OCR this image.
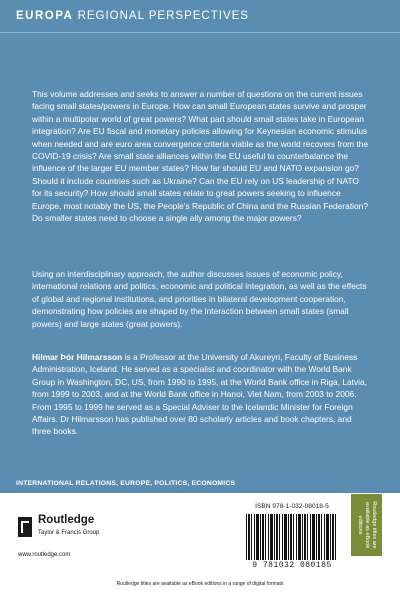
EUROPA REGIONAL PERSPECTIVES

This volume addresses and seeks to answer a number of questions on the current issues facing small states/powers in Europe. How can small European states survive and prosper within a multipolar world of great powers? What part should small states take in European integration? Are EU fiscal and monetary policies allowing for Keynesian economic stimulus when needed and are euro area convergence criteria viable as the world recovers from the COVID-19 crisis? Are small state alliances within the EU useful to counterbalance the influence of the larger EU member states? How far should EU and NATO expansion go? Should it include countries such as Ukraine? Can the EU rely on US leadership of NATO for its security? How should small states relate to great powers seeking to influence Europe, most notably the US, the People’s Republic of China and the Russian Federation? Do smaller states need to choose a single ally among the major powers?

Using an interdisciplinary approach, the author discusses issues of economic policy, international relations and politics, economic and political integration, as well as the effects of global and regional institutions, and priorities in bilateral development cooperation, demonstrating how policies are shaped by the interaction between small states (small powers) and large states (great powers).

Hilmar Þór Hilmarsson is a Professor at the University of Akureyri, Faculty of Business Administration, Iceland. He served as a specialist and coordinator with the World Bank Group in Washington, DC, US, from 1990 to 1995, at the World Bank office in Riga, Latvia, from 1999 to 2003, and at the World Bank office in Hanoi, Viet Nam, from 2003 to 2006. From 1995 to 1999 he served as a Special Adviser to the Icelandic Minister for Foreign Affairs. Dr Hilmarsson has published over 80 scholarly articles and book chapters, and three books.

INTERNATIONAL RELATIONS, EUROPE, POLITICS, ECONOMICS
Routledge
Taylor & Francis Group
www.routledge.com
ISBN 978-1-032-08018-5
9 781032 080185
Routledge titles are available as eBook editions
Routledge titles are available as eBook editions in a range of digital formats
